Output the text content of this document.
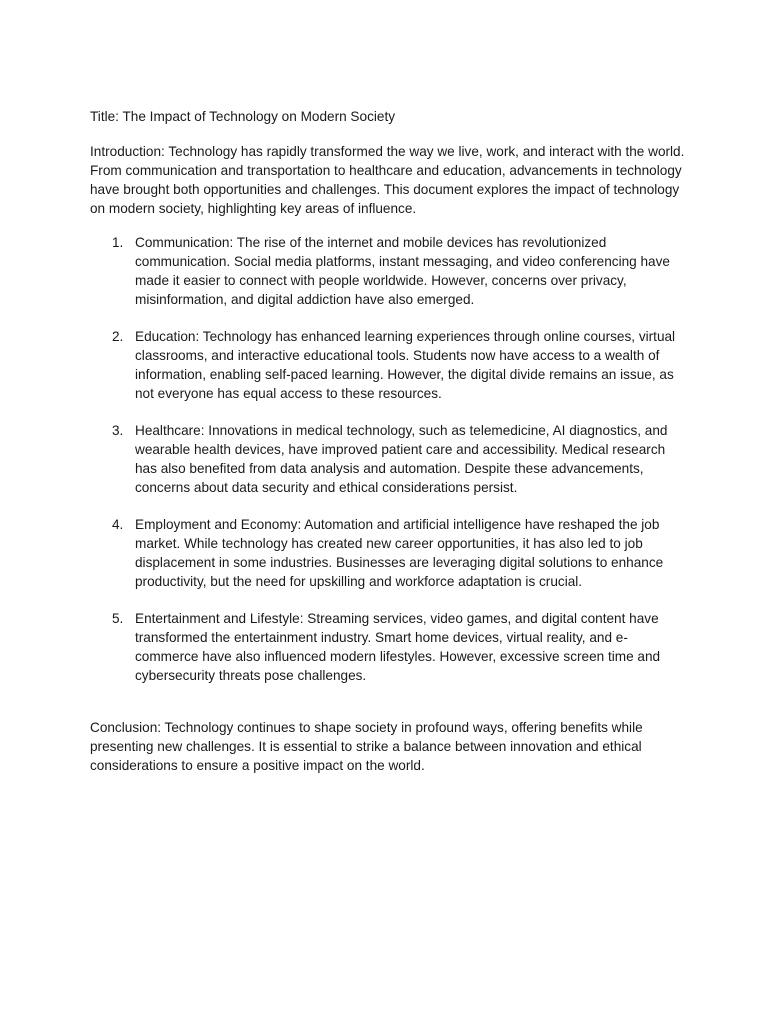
Title: The Impact of Technology on Modern Society

Introduction: Technology has rapidly transformed the way we live, work, and interact with the world. From communication and transportation to healthcare and education, advancements in technology have brought both opportunities and challenges. This document explores the impact of technology on modern society, highlighting key areas of influence.

1. Communication: The rise of the internet and mobile devices has revolutionized communication. Social media platforms, instant messaging, and video conferencing have made it easier to connect with people worldwide. However, concerns over privacy, misinformation, and digital addiction have also emerged.
2. Education: Technology has enhanced learning experiences through online courses, virtual classrooms, and interactive educational tools. Students now have access to a wealth of information, enabling self-paced learning. However, the digital divide remains an issue, as not everyone has equal access to these resources.
3. Healthcare: Innovations in medical technology, such as telemedicine, AI diagnostics, and wearable health devices, have improved patient care and accessibility. Medical research has also benefited from data analysis and automation. Despite these advancements, concerns about data security and ethical considerations persist.
4. Employment and Economy: Automation and artificial intelligence have reshaped the job market. While technology has created new career opportunities, it has also led to job displacement in some industries. Businesses are leveraging digital solutions to enhance productivity, but the need for upskilling and workforce adaptation is crucial.
5. Entertainment and Lifestyle: Streaming services, video games, and digital content have transformed the entertainment industry. Smart home devices, virtual reality, and e-commerce have also influenced modern lifestyles. However, excessive screen time and cybersecurity threats pose challenges.

Conclusion: Technology continues to shape society in profound ways, offering benefits while presenting new challenges. It is essential to strike a balance between innovation and ethical considerations to ensure a positive impact on the world.
